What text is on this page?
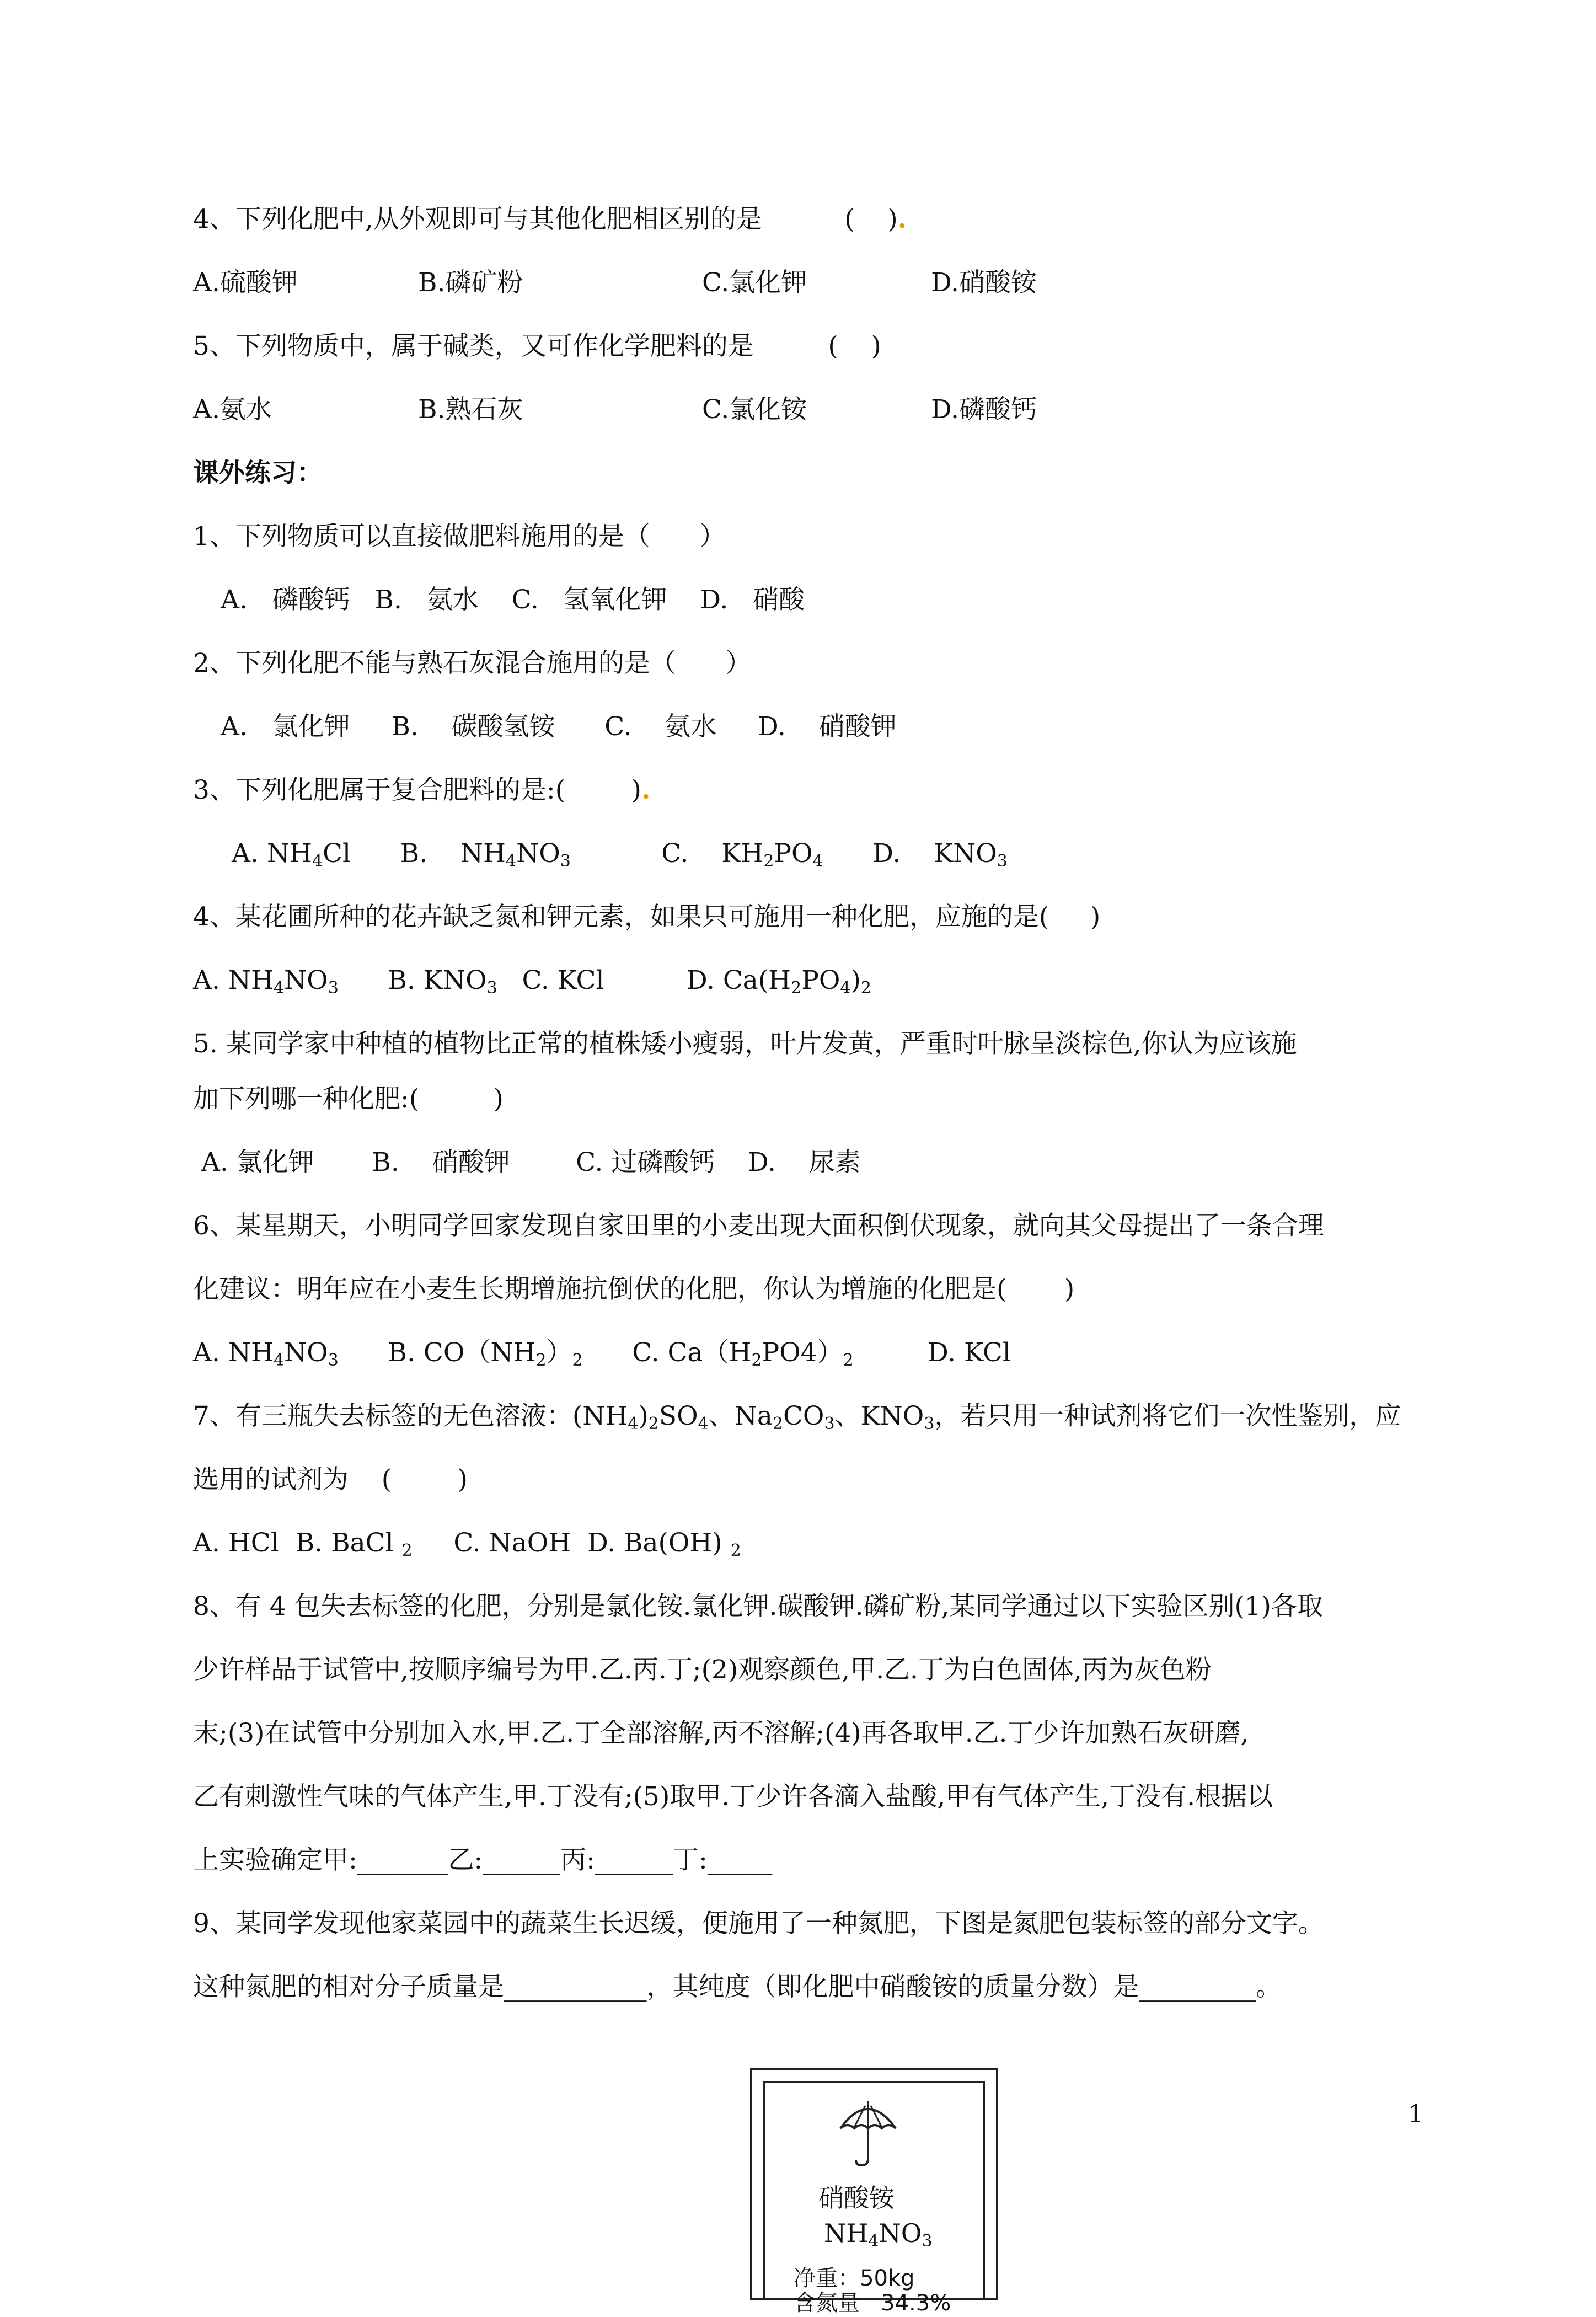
4、下列化肥中,从外观即可与其他化肥相区别的是          (    ).
A.硫酸钾	B.磷矿粉	C.氯化钾	D.硝酸铵
5、下列物质中，属于碱类，又可作化学肥料的是         (    )
A.氨水	B.熟石灰	C.氯化铵	D.磷酸钙
课外练习：
1、下列物质可以直接做肥料施用的是（      ）
A.   磷酸钙   B.   氨水    C.   氢氧化钾    D.   硝酸
2、下列化肥不能与熟石灰混合施用的是（      ）
A.   氯化钾     B.    碳酸氢铵      C.    氨水     D.    硝酸钾
3、下列化肥属于复合肥料的是:(        ).
A. $NH_4Cl$      B.    $NH_4NO_3$           C.    $KH_2PO_4$      D.    $KNO_3$
4、某花圃所种的花卉缺乏氮和钾元素，如果只可施用一种化肥，应施的是(     )
A. $NH_4NO_3$      B. $KNO_3$   C. KCl          D. $Ca(H_2PO_4)_2$
5. 某同学家中种植的植物比正常的植株矮小瘦弱，叶片发黄，严重时叶脉呈淡棕色,你认为应该施
加下列哪一种化肥:(         )
A. 氯化钾       B.    硝酸钾        C. 过磷酸钙    D.    尿素
6、某星期天，小明同学回家发现自家田里的小麦出现大面积倒伏现象，就向其父母提出了一条合理
化建议：明年应在小麦生长期增施抗倒伏的化肥，你认为增施的化肥是(       )
A. $NH_4NO_3$      B. $CO(NH_2)_2$      C. $Ca(H_2PO4)_2$         D. KCl
7、有三瓶失去标签的无色溶液：$(NH_4)_2SO_4$、$Na_2CO_3$、$KNO_3$，若只用一种试剂将它们一次性鉴别，应
选用的试剂为    (        )
A. HCl  B. BaCl $_2$     C. NaOH  D. Ba(OH) $_2$
8、有 4 包失去标签的化肥，分别是氯化铵.氯化钾.碳酸钾.磷矿粉,某同学通过以下实验区别(1)各取
少许样品于试管中,按顺序编号为甲.乙.丙.丁;(2)观察颜色,甲.乙.丁为白色固体,丙为灰色粉
末;(3)在试管中分别加入水,甲.乙.丁全部溶解,丙不溶解;(4)再各取甲.乙.丁少许加熟石灰研磨,
乙有刺激性气味的气体产生,甲.丁没有;(5)取甲.丁少许各滴入盐酸,甲有气体产生,丁没有.根据以
上实验确定甲:_______乙:______丙:______丁:_____
9、某同学发现他家菜园中的蔬菜生长迟缓，便施用了一种氮肥，下图是氮肥包装标签的部分文字。
这种氮肥的相对分子质量是___________，其纯度（即化肥中硝酸铵的质量分数）是_________。
硝酸铵
$NH_4NO_3$
净重：50kg
含氮量   34.3%
1
